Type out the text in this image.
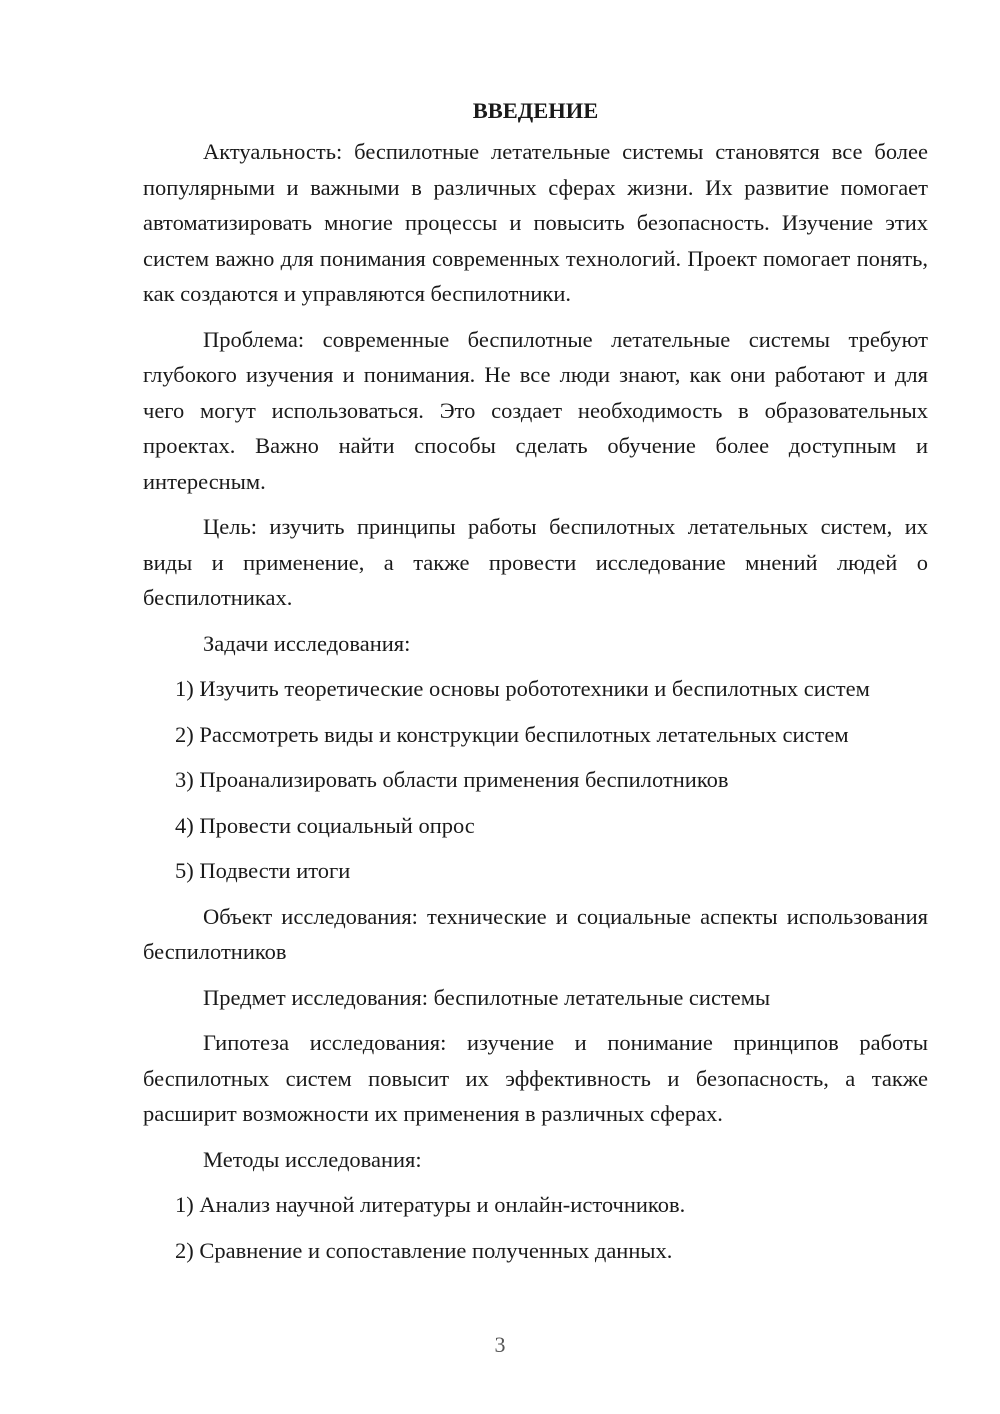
ВВЕДЕНИЕ

Актуальность: беспилотные летательные системы становятся все более популярными и важными в различных сферах жизни. Их развитие помогает автоматизировать многие процессы и повысить безопасность. Изучение этих систем важно для понимания современных технологий. Проект помогает понять, как создаются и управляются беспилотники.

Проблема: современные беспилотные летательные системы требуют глубокого изучения и понимания. Не все люди знают, как они работают и для чего могут использоваться. Это создает необходимость в образовательных проектах. Важно найти способы сделать обучение более доступным и интересным.

Цель: изучить принципы работы беспилотных летательных систем, их виды и применение, а также провести исследование мнений людей о беспилотниках.

Задачи исследования:

1) Изучить теоретические основы робототехники и беспилотных систем
2) Рассмотреть виды и конструкции беспилотных летательных систем
3) Проанализировать области применения беспилотников
4) Провести социальный опрос
5) Подвести итоги

Объект исследования: технические и социальные аспекты использования беспилотников

Предмет исследования: беспилотные летательные системы

Гипотеза исследования: изучение и понимание принципов работы беспилотных систем повысит их эффективность и безопасность, а также расширит возможности их применения в различных сферах.

Методы исследования:

1) Анализ научной литературы и онлайн-источников.
2) Сравнение и сопоставление полученных данных.
3
